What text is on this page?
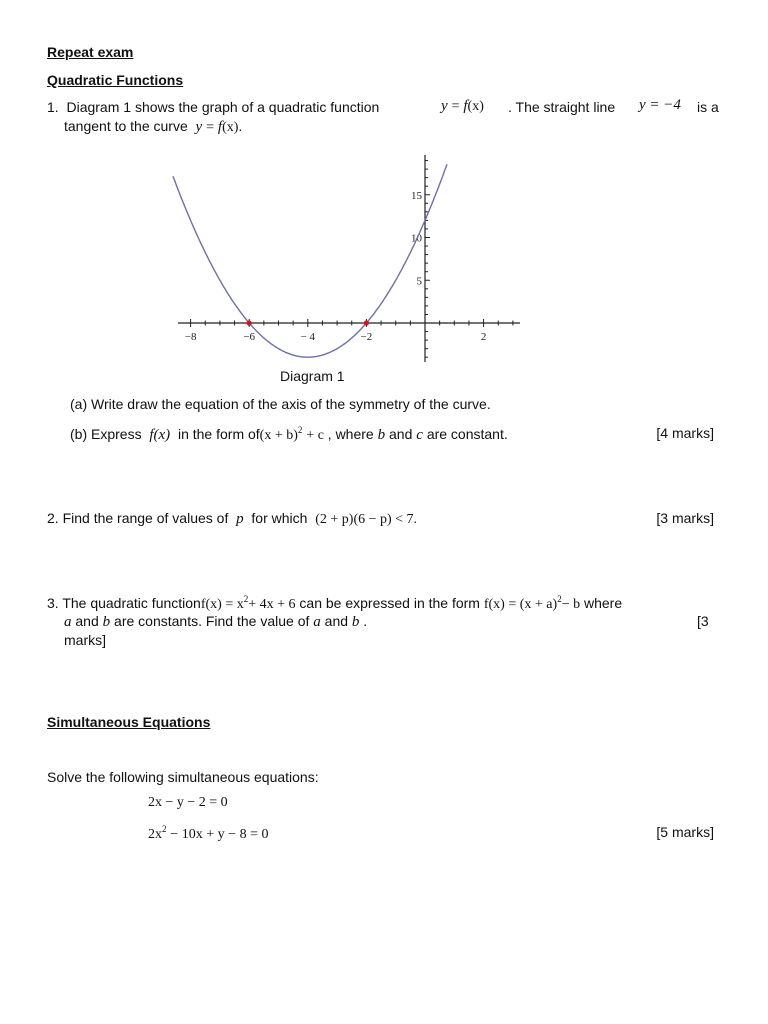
Repeat exam
Quadratic Functions
1. Diagram 1 shows the graph of a quadratic function	y = f(x) . The straight line y = −4 is a
tangent to the curve y = f(x).
−8	−6	− 4	−2	2
5
10
15
Diagram 1
(a) Write draw the equation of the axis of the symmetry of the curve.
(b) Express f(x) in the form $of(x + b)^2 + c$ , where b and c are constant.	[4 marks]
2. Find the range of values of p for which (2 + p)(6 − p) < 7.	[3 marks]
3. The quadratic functionf(x) = $x^2+ 4x + 6$ can be expressed in the form $f(x) = (x + a)^2- b$ where
a and b are constants. Find the value of a and b .	[3
marks]
Simultaneous Equations
Solve the following simultaneous equations:
2x − y − 2 = 0
$2x^2 - 10x + y - 8 = 0$	[5 marks]
